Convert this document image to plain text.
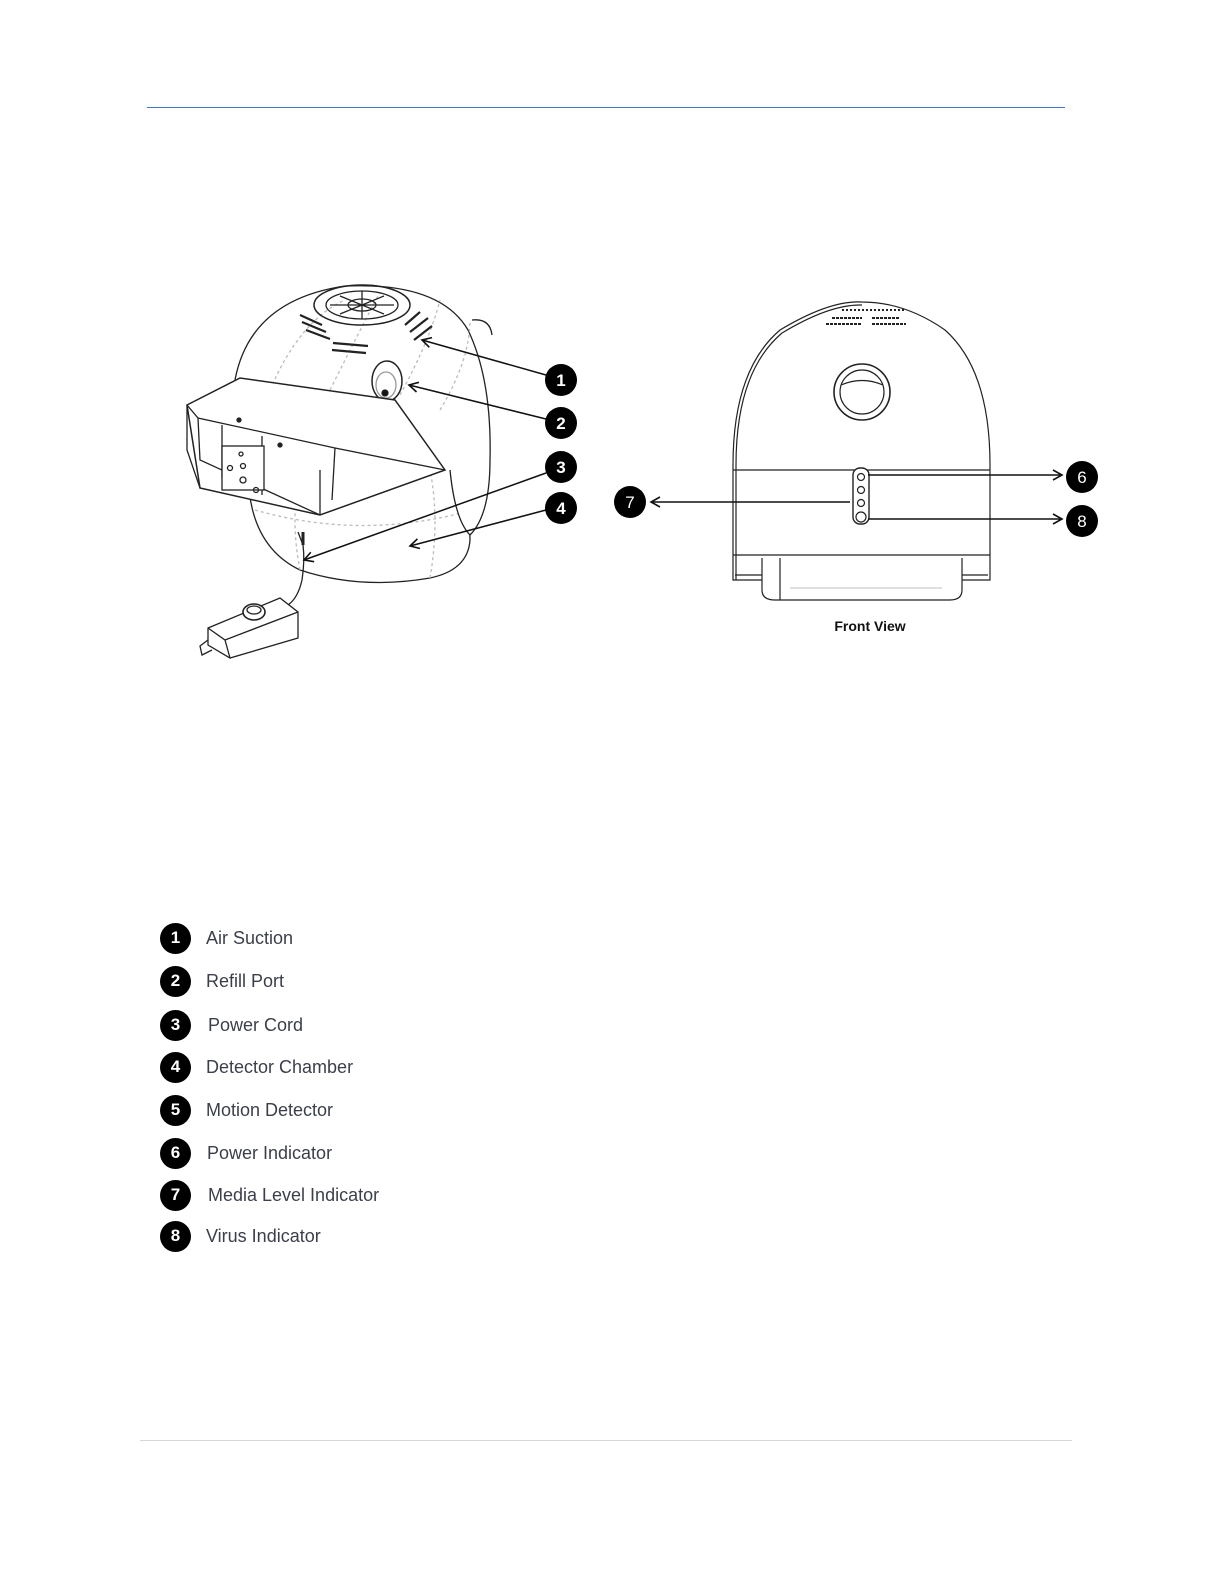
1
2
3
4
6
7
8
Front View
1	Air Suction
2	Refill Port
3	Power Cord
4	Detector Chamber
5	Motion Detector
6	Power Indicator
7	Media Level Indicator
8	Virus Indicator
